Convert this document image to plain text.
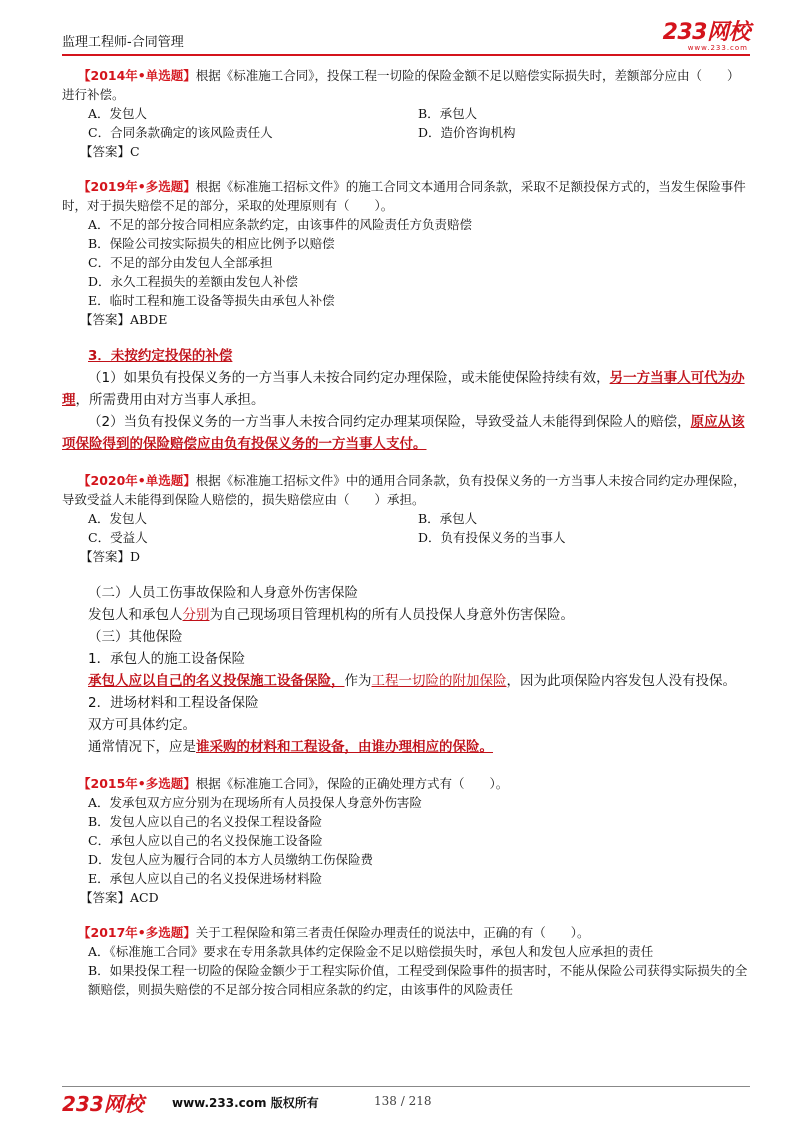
监理工程师-合同管理	233网校
www.233.com

【2014年•单选题】根据《标准施工合同》，投保工程一切险的保险金额不足以赔偿实际损失时，差额部分应由（　　）进行补偿。

A．发包人	B．承包人
C．合同条款确定的该风险责任人	D．造价咨询机构

【答案】C

【2019年•多选题】根据《标准施工招标文件》的施工合同文本通用合同条款，采取不足额投保方式的，当发生保险事件时，对于损失赔偿不足的部分，采取的处理原则有（　　）。

A．不足的部分按合同相应条款约定，由该事件的风险责任方负责赔偿

B．保险公司按实际损失的相应比例予以赔偿

C．不足的部分由发包人全部承担

D．永久工程损失的差额由发包人补偿

E．临时工程和施工设备等损失由承包人补偿

【答案】ABDE

3．未按约定投保的补偿

（1）如果负有投保义务的一方当事人未按合同约定办理保险，或未能使保险持续有效，另一方当事人可代为办理，所需费用由对方当事人承担。

（2）当负有投保义务的一方当事人未按合同约定办理某项保险，导致受益人未能得到保险人的赔偿，原应从该项保险得到的保险赔偿应由负有投保义务的一方当事人支付。

【2020年•单选题】根据《标准施工招标文件》中的通用合同条款，负有投保义务的一方当事人未按合同约定办理保险，导致受益人未能得到保险人赔偿的，损失赔偿应由（　　）承担。

A．发包人	B．承包人
C．受益人	D．负有投保义务的当事人

【答案】D

（二）人员工伤事故保险和人身意外伤害保险

发包人和承包人分别为自己现场项目管理机构的所有人员投保人身意外伤害保险。

（三）其他保险

1．承包人的施工设备保险

承包人应以自己的名义投保施工设备保险，作为工程一切险的附加保险，因为此项保险内容发包人没有投保。

2．进场材料和工程设备保险

双方可具体约定。

通常情况下，应是谁采购的材料和工程设备，由谁办理相应的保险。

【2015年•多选题】根据《标准施工合同》，保险的正确处理方式有（　　）。

A．发承包双方应分别为在现场所有人员投保人身意外伤害险

B．发包人应以自己的名义投保工程设备险

C．承包人应以自己的名义投保施工设备险

D．发包人应为履行合同的本方人员缴纳工伤保险费

E．承包人应以自己的名义投保进场材料险

【答案】ACD

【2017年•多选题】关于工程保险和第三者责任保险办理责任的说法中，正确的有（　　）。

A．《标准施工合同》要求在专用条款具体约定保险金不足以赔偿损失时，承包人和发包人应承担的责任

B．如果投保工程一切险的保险金额少于工程实际价值，工程受到保险事件的损害时，不能从保险公司获得实际损失的全额赔偿，则损失赔偿的不足部分按合同相应条款的约定，由该事件的风险责任

233网校 www.233.com 版权所有	138 / 218
